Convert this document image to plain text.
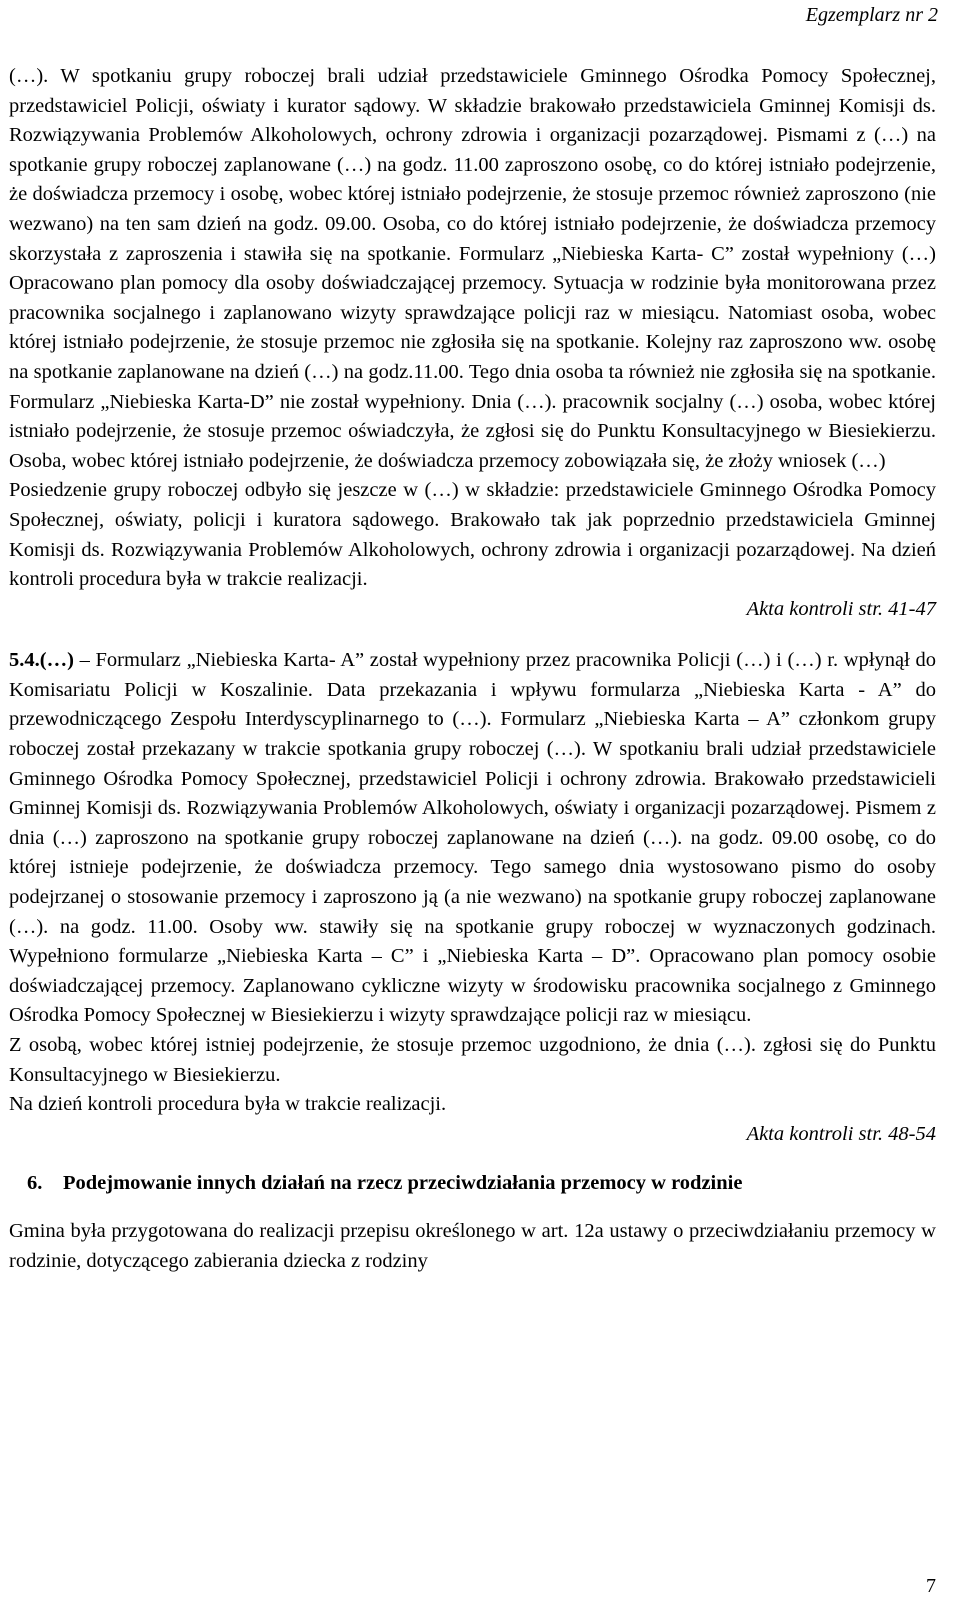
Egzemplarz nr 2

(…). W spotkaniu grupy roboczej brali udział przedstawiciele Gminnego Ośrodka Pomocy Społecznej, przedstawiciel Policji, oświaty i kurator sądowy. W składzie brakowało przedstawiciela Gminnej Komisji ds. Rozwiązywania Problemów Alkoholowych, ochrony zdrowia i organizacji pozarządowej. Pismami z (…) na spotkanie grupy roboczej zaplanowane (…) na godz. 11.00 zaproszono osobę, co do której istniało podejrzenie, że doświadcza przemocy i osobę, wobec której istniało podejrzenie, że stosuje przemoc również zaproszono (nie wezwano) na ten sam dzień na godz. 09.00. Osoba, co do której istniało podejrzenie, że doświadcza przemocy skorzystała z zaproszenia i stawiła się na spotkanie. Formularz „Niebieska Karta- C” został wypełniony (…) Opracowano plan pomocy dla osoby doświadczającej przemocy. Sytuacja w rodzinie była monitorowana przez pracownika socjalnego i zaplanowano wizyty sprawdzające policji raz w miesiącu. Natomiast osoba, wobec której istniało podejrzenie, że stosuje przemoc nie zgłosiła się na spotkanie. Kolejny raz zaproszono ww. osobę na spotkanie zaplanowane na dzień (…) na godz.11.00. Tego dnia osoba ta również nie zgłosiła się na spotkanie. Formularz „Niebieska Karta-D” nie został wypełniony. Dnia (…). pracownik socjalny (…) osoba, wobec której istniało podejrzenie, że stosuje przemoc oświadczyła, że zgłosi się do Punktu Konsultacyjnego w Biesiekierzu. Osoba, wobec której istniało podejrzenie, że doświadcza przemocy zobowiązała się, że złoży wniosek (…)

Posiedzenie grupy roboczej odbyło się jeszcze w (…) w składzie: przedstawiciele Gminnego Ośrodka Pomocy Społecznej, oświaty, policji i kuratora sądowego. Brakowało tak jak poprzednio przedstawiciela Gminnej Komisji ds. Rozwiązywania Problemów Alkoholowych, ochrony zdrowia i organizacji pozarządowej. Na dzień kontroli procedura była w trakcie realizacji.

Akta kontroli str. 41-47

5.4.(…) – Formularz „Niebieska Karta- A” został wypełniony przez pracownika Policji (…) i (…) r. wpłynął do Komisariatu Policji w Koszalinie. Data przekazania i wpływu formularza „Niebieska Karta - A” do przewodniczącego Zespołu Interdyscyplinarnego to (…). Formularz „Niebieska Karta – A” członkom grupy roboczej został przekazany w trakcie spotkania grupy roboczej (…). W spotkaniu brali udział przedstawiciele Gminnego Ośrodka Pomocy Społecznej, przedstawiciel Policji i ochrony zdrowia. Brakowało przedstawicieli Gminnej Komisji ds. Rozwiązywania Problemów Alkoholowych, oświaty i organizacji pozarządowej. Pismem z dnia (…) zaproszono na spotkanie grupy roboczej zaplanowane na dzień (…). na godz. 09.00 osobę, co do której istnieje podejrzenie, że doświadcza przemocy. Tego samego dnia wystosowano pismo do osoby podejrzanej o stosowanie przemocy i zaproszono ją (a nie wezwano) na spotkanie grupy roboczej zaplanowane (…). na godz. 11.00. Osoby ww. stawiły się na spotkanie grupy roboczej w wyznaczonych godzinach. Wypełniono formularze „Niebieska Karta – C” i „Niebieska Karta – D”. Opracowano plan pomocy osobie doświadczającej przemocy. Zaplanowano cykliczne wizyty w środowisku pracownika socjalnego z Gminnego Ośrodka Pomocy Społecznej w Biesiekierzu i wizyty sprawdzające policji raz w miesiącu.

Z osobą, wobec której istniej podejrzenie, że stosuje przemoc uzgodniono, że dnia (…). zgłosi się do Punktu Konsultacyjnego w Biesiekierzu.

Na dzień kontroli procedura była w trakcie realizacji.

Akta kontroli str. 48-54

6. Podejmowanie innych działań na rzecz przeciwdziałania przemocy w rodzinie

Gmina była przygotowana do realizacji przepisu określonego w art. 12a ustawy o przeciwdziałaniu przemocy w rodzinie, dotyczącego zabierania dziecka z rodziny

7
